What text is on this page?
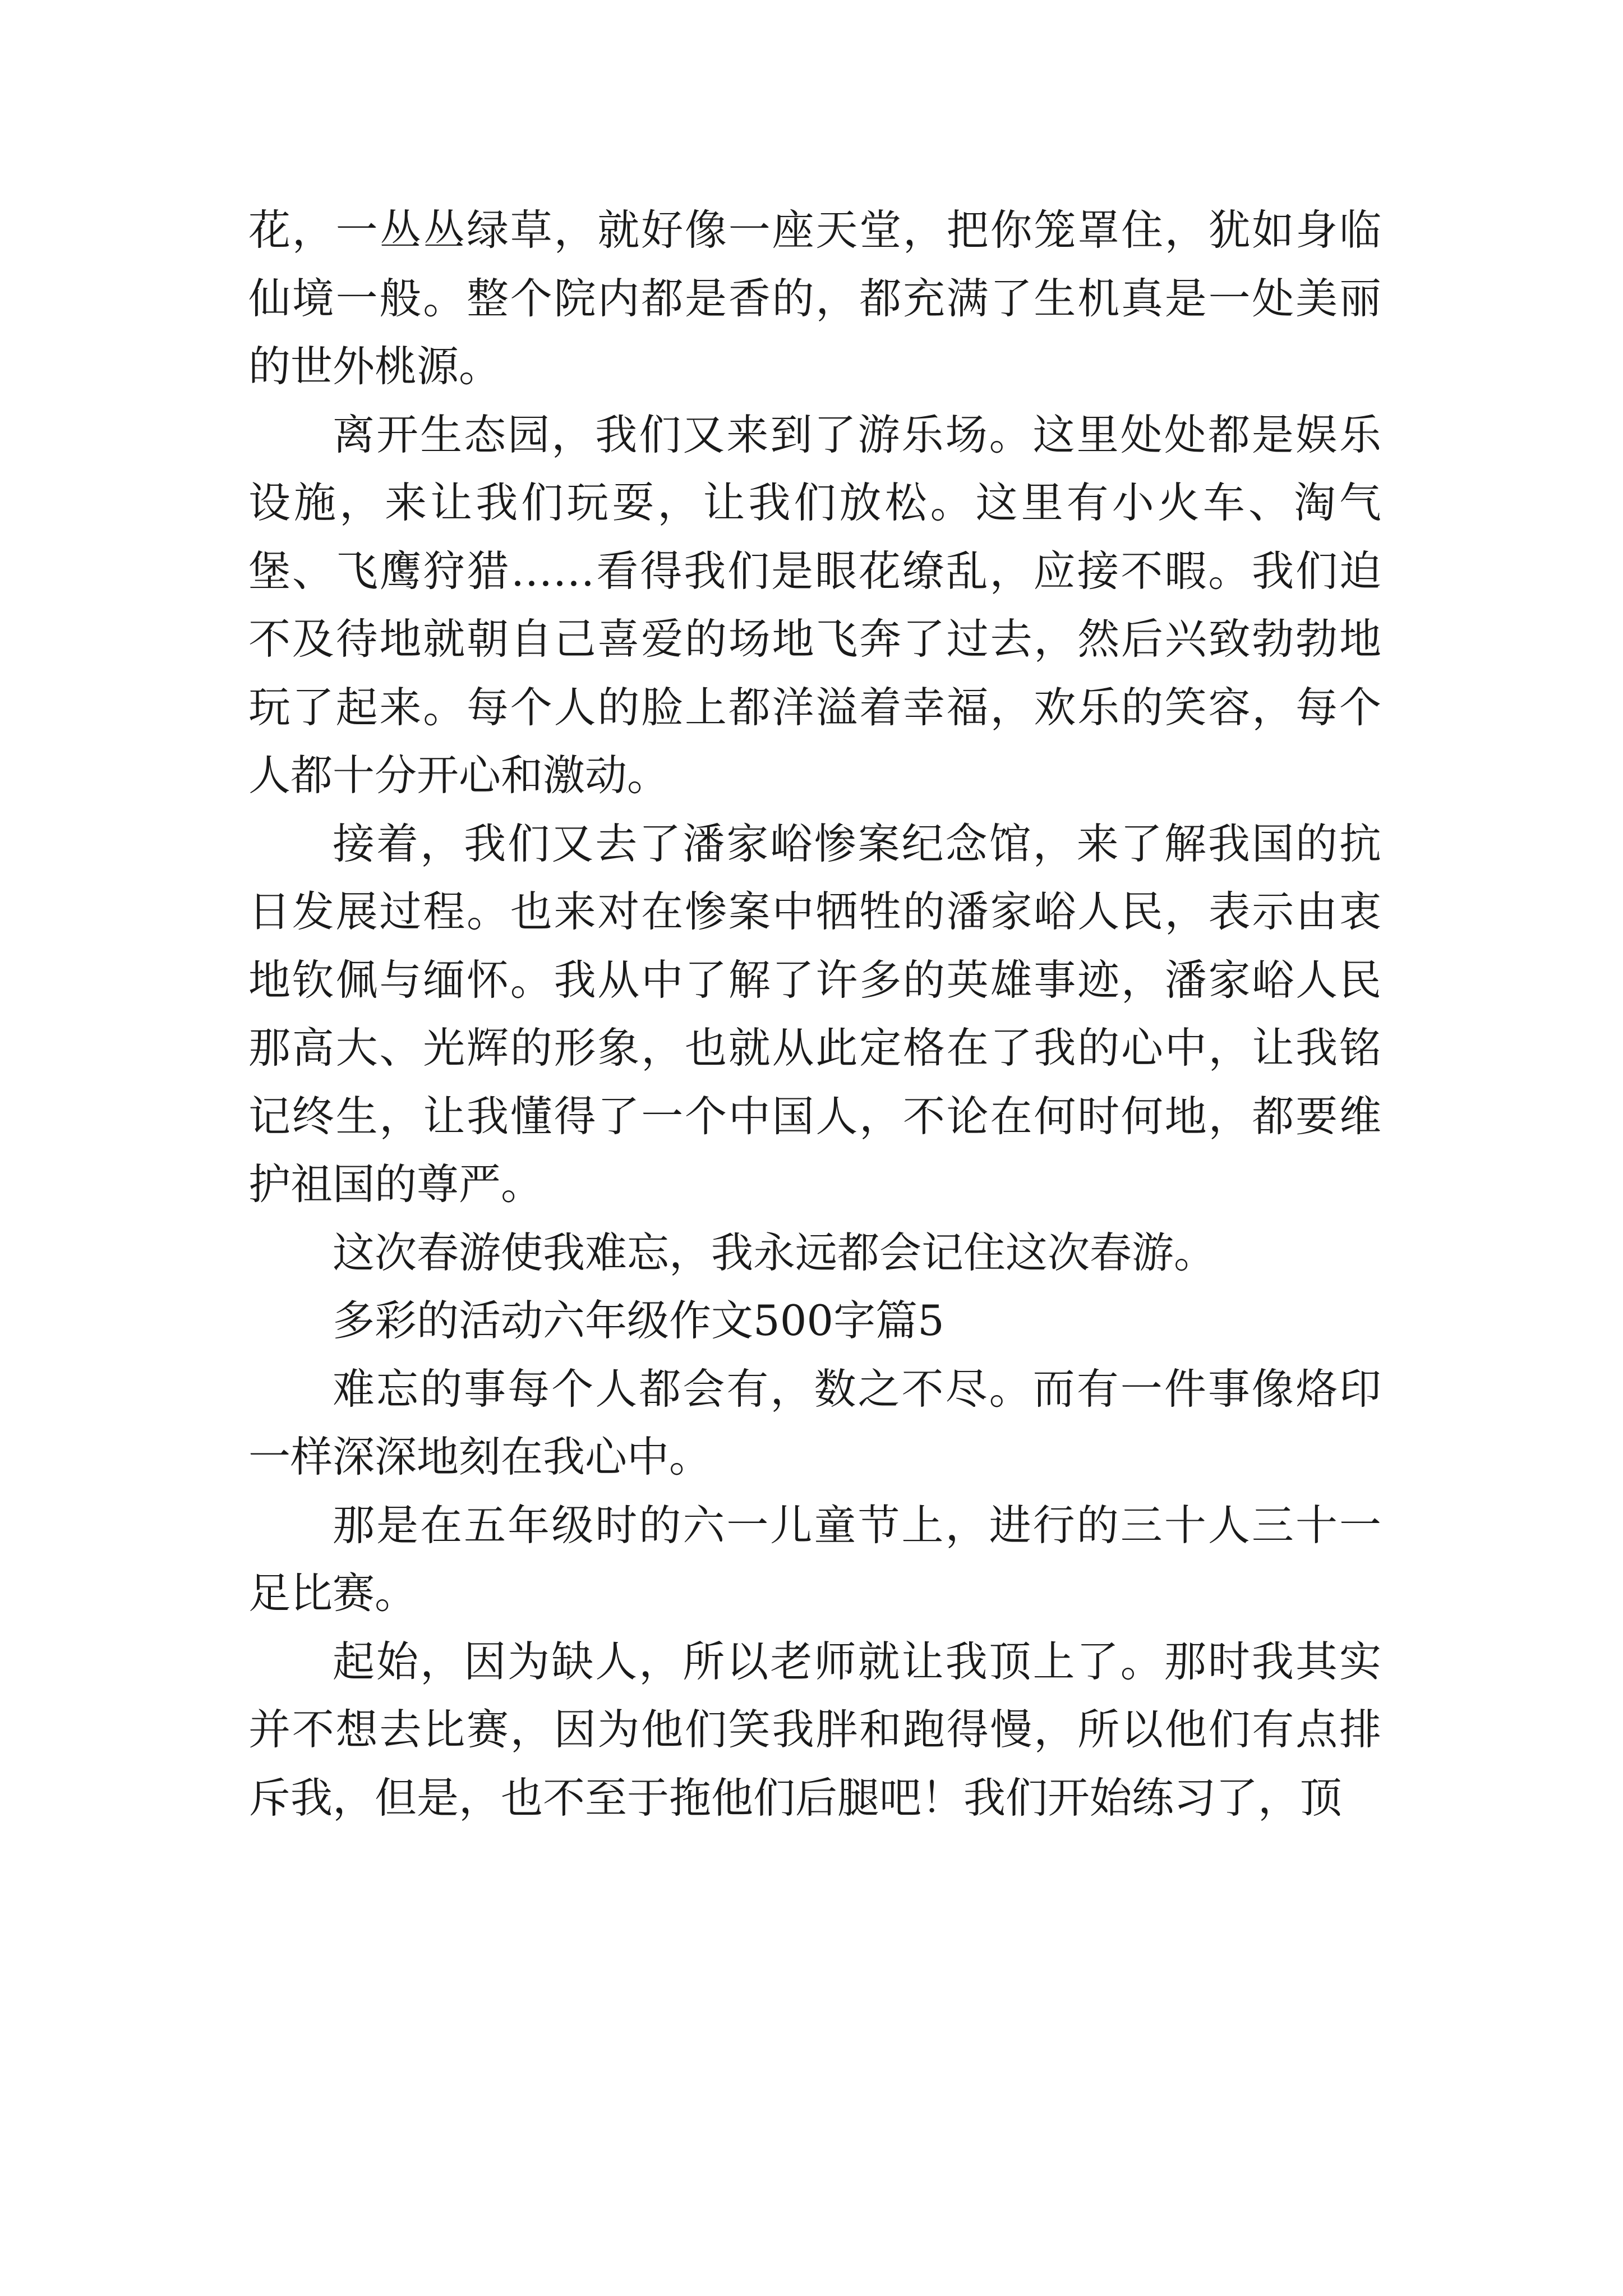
花，一丛丛绿草，就好像一座天堂，把你笼罩住，犹如身临仙境一般。整个院内都是香的，都充满了生机真是一处美丽的世外桃源。

离开生态园，我们又来到了游乐场。这里处处都是娱乐设施，来让我们玩耍，让我们放松。这里有小火车、淘气堡、飞鹰狩猎……看得我们是眼花缭乱，应接不暇。我们迫不及待地就朝自己喜爱的场地飞奔了过去，然后兴致勃勃地玩了起来。每个人的脸上都洋溢着幸福，欢乐的笑容，每个人都十分开心和激动。

接着，我们又去了潘家峪惨案纪念馆，来了解我国的抗日发展过程。也来对在惨案中牺牲的潘家峪人民，表示由衷地钦佩与缅怀。我从中了解了许多的英雄事迹，潘家峪人民那高大、光辉的形象，也就从此定格在了我的心中，让我铭记终生，让我懂得了一个中国人，不论在何时何地，都要维护祖国的尊严。

这次春游使我难忘，我永远都会记住这次春游。

多彩的活动六年级作文500字篇5

难忘的事每个人都会有，数之不尽。而有一件事像烙印一样深深地刻在我心中。

那是在五年级时的六一儿童节上，进行的三十人三十一足比赛。

起始，因为缺人，所以老师就让我顶上了。那时我其实并不想去比赛，因为他们笑我胖和跑得慢，所以他们有点排斥我，但是，也不至于拖他们后腿吧！我们开始练习了，顶
